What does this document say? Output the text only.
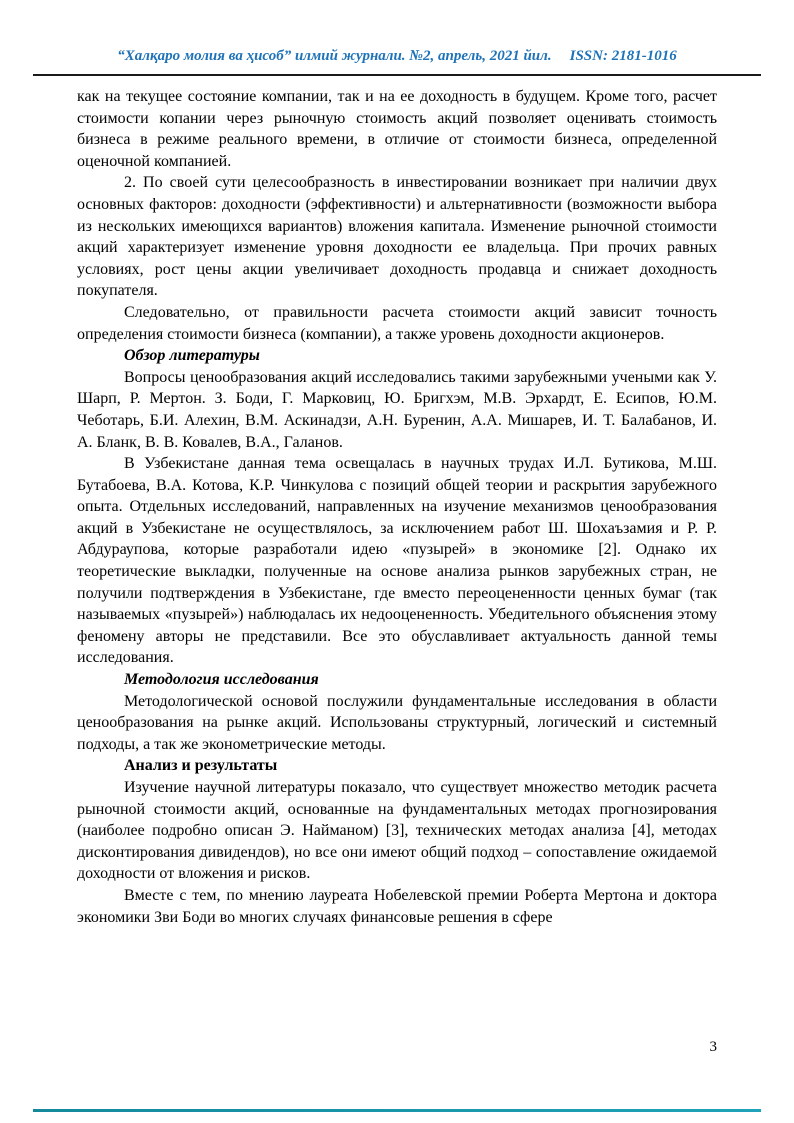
“Халқаро молия ва ҳисоб” илмий журнали. №2, апрель, 2021 йил. ISSN: 2181-1016

как на текущее состояние компании, так и на ее доходность в будущем. Кроме того, расчет стоимости копании через рыночную стоимость акций позволяет оценивать стоимость бизнеса в режиме реального времени, в отличие от стоимости бизнеса, определенной оценочной компанией.

2. По своей сути целесообразность в инвестировании возникает при наличии двух основных факторов: доходности (эффективности) и альтернативности (возможности выбора из нескольких имеющихся вариантов) вложения капитала. Изменение рыночной стоимости акций характеризует изменение уровня доходности ее владельца. При прочих равных условиях, рост цены акции увеличивает доходность продавца и снижает доходность покупателя.

Следовательно, от правильности расчета стоимости акций зависит точность определения стоимости бизнеса (компании), а также уровень доходности акционеров.

Обзор литературы

Вопросы ценообразования акций исследовались такими зарубежными учеными как У. Шарп, Р. Мертон. З. Боди, Г. Марковиц, Ю. Бригхэм, М.В. Эрхардт, Е. Есипов, Ю.М. Чеботарь, Б.И. Алехин, В.М. Аскинадзи, А.Н. Буренин, А.А. Мишарев, И. Т. Балабанов, И. А. Бланк, В. В. Ковалев, В.А., Галанов.

В Узбекистане данная тема освещалась в научных трудах И.Л. Бутикова, М.Ш. Бутабоева, В.А. Котова, К.Р. Чинкулова с позиций общей теории и раскрытия зарубежного опыта. Отдельных исследований, направленных на изучение механизмов ценообразования акций в Узбекистане не осуществлялось, за исключением работ Ш. Шохаъзамия и Р. Р. Абдураупова, которые разработали идею «пузырей» в экономике [2]. Однако их теоретические выкладки, полученные на основе анализа рынков зарубежных стран, не получили подтверждения в Узбекистане, где вместо переоцененности ценных бумаг (так называемых «пузырей») наблюдалась их недооцененность. Убедительного объяснения этому феномену авторы не представили. Все это обуславливает актуальность данной темы исследования.

Методология исследования

Методологической основой послужили фундаментальные исследования в области ценообразования на рынке акций. Использованы структурный, логический и системный подходы, а так же эконометрические методы.

Анализ и результаты

Изучение научной литературы показало, что существует множество методик расчета рыночной стоимости акций, основанные на фундаментальных методах прогнозирования (наиболее подробно описан Э. Найманом) [3], технических методах анализа [4], методах дисконтирования дивидендов), но все они имеют общий подход – сопоставление ожидаемой доходности от вложения и рисков.

Вместе с тем, по мнению лауреата Нобелевской премии Роберта Мертона и доктора экономики Зви Боди во многих случаях финансовые решения в сфере

3
